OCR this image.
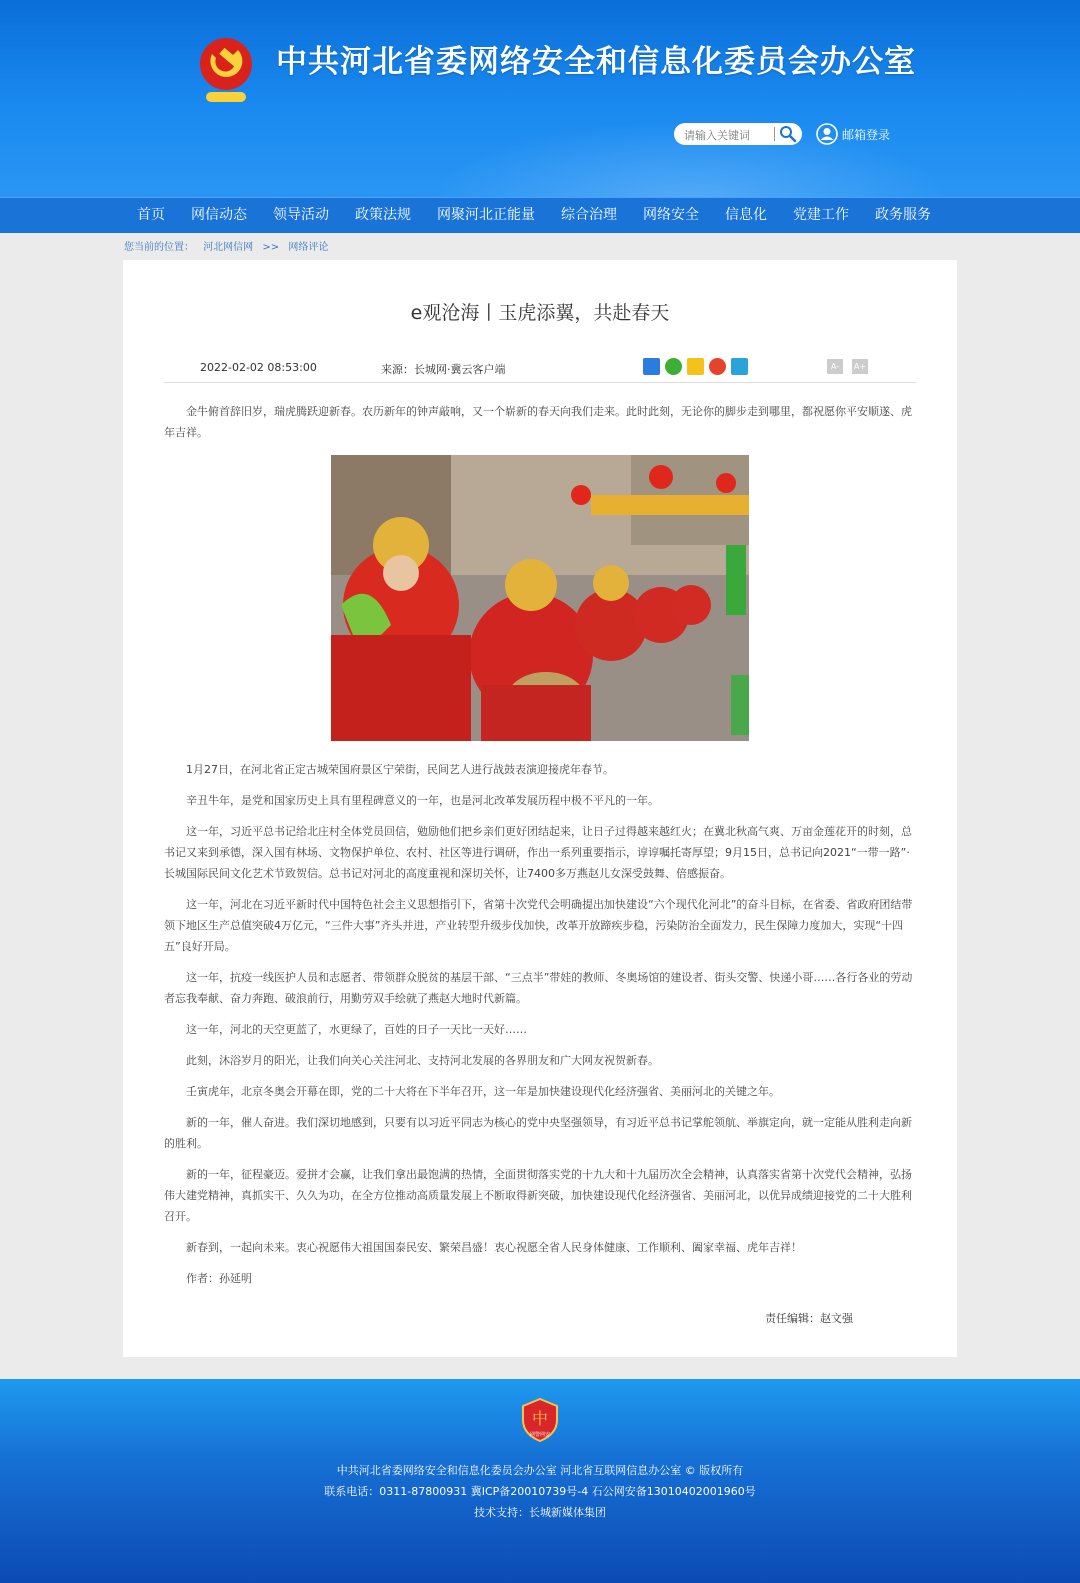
中共河北省委网络安全和信息化委员会办公室
请输入关键词
邮箱登录
首页	网信动态	领导活动	政策法规	网聚河北正能量	综合治理	网络安全	信息化	党建工作	政务服务
您当前的位置： 河北网信网 >> 网络评论
e观沧海丨玉虎添翼，共赴春天
2022-02-02 08:53:00	来源：长城网·冀云客户端	A-	A+

金牛俯首辞旧岁，瑞虎腾跃迎新春。农历新年的钟声敲响，又一个崭新的春天向我们走来。此时此刻，无论你的脚步走到哪里，都祝愿你平安顺遂、虎年吉祥。

1月27日，在河北省正定古城荣国府景区宁荣街，民间艺人进行战鼓表演迎接虎年春节。

辛丑牛年，是党和国家历史上具有里程碑意义的一年，也是河北改革发展历程中极不平凡的一年。

这一年，习近平总书记给北庄村全体党员回信，勉励他们把乡亲们更好团结起来，让日子过得越来越红火；在冀北秋高气爽、万亩金莲花开的时刻，总书记又来到承德，深入国有林场、文物保护单位、农村、社区等进行调研，作出一系列重要指示，谆谆嘱托寄厚望；9月15日，总书记向2021“一带一路”·长城国际民间文化艺术节致贺信。总书记对河北的高度重视和深切关怀，让7400多万燕赵儿女深受鼓舞、倍感振奋。

这一年，河北在习近平新时代中国特色社会主义思想指引下，省第十次党代会明确提出加快建设“六个现代化河北”的奋斗目标，在省委、省政府团结带领下地区生产总值突破4万亿元，“三件大事”齐头并进，产业转型升级步伐加快，改革开放蹄疾步稳，污染防治全面发力，民生保障力度加大，实现“十四五”良好开局。

这一年，抗疫一线医护人员和志愿者、带领群众脱贫的基层干部、“三点半”带娃的教师、冬奥场馆的建设者、街头交警、快递小哥……各行各业的劳动者忘我奉献、奋力奔跑、破浪前行，用勤劳双手绘就了燕赵大地时代新篇。

这一年，河北的天空更蓝了，水更绿了，百姓的日子一天比一天好……

此刻，沐浴岁月的阳光，让我们向关心关注河北、支持河北发展的各界朋友和广大网友祝贺新春。

壬寅虎年，北京冬奥会开幕在即，党的二十大将在下半年召开，这一年是加快建设现代化经济强省、美丽河北的关键之年。

新的一年，催人奋进。我们深切地感到，只要有以习近平同志为核心的党中央坚强领导，有习近平总书记掌舵领航、举旗定向，就一定能从胜利走向新的胜利。

新的一年，征程豪迈。爱拼才会赢，让我们拿出最饱满的热情，全面贯彻落实党的十九大和十九届历次全会精神，认真落实省第十次党代会精神，弘扬伟大建党精神，真抓实干、久久为功，在全方位推动高质量发展上不断取得新突破，加快建设现代化经济强省、美丽河北，以优异成绩迎接党的二十大胜利召开。

新春到，一起向未来。衷心祝愿伟大祖国国泰民安、繁荣昌盛！衷心祝愿全省人民身体健康、工作顺利、阖家幸福、虎年吉祥！

作者：孙延明

责任编辑：赵文强
中
网警网安
中共河北省委网络安全和信息化委员会办公室 河北省互联网信息办公室 © 版权所有
联系电话：0311-87800931 冀ICP备20010739号-4 石公网安备13010402001960号
技术支持：长城新媒体集团
